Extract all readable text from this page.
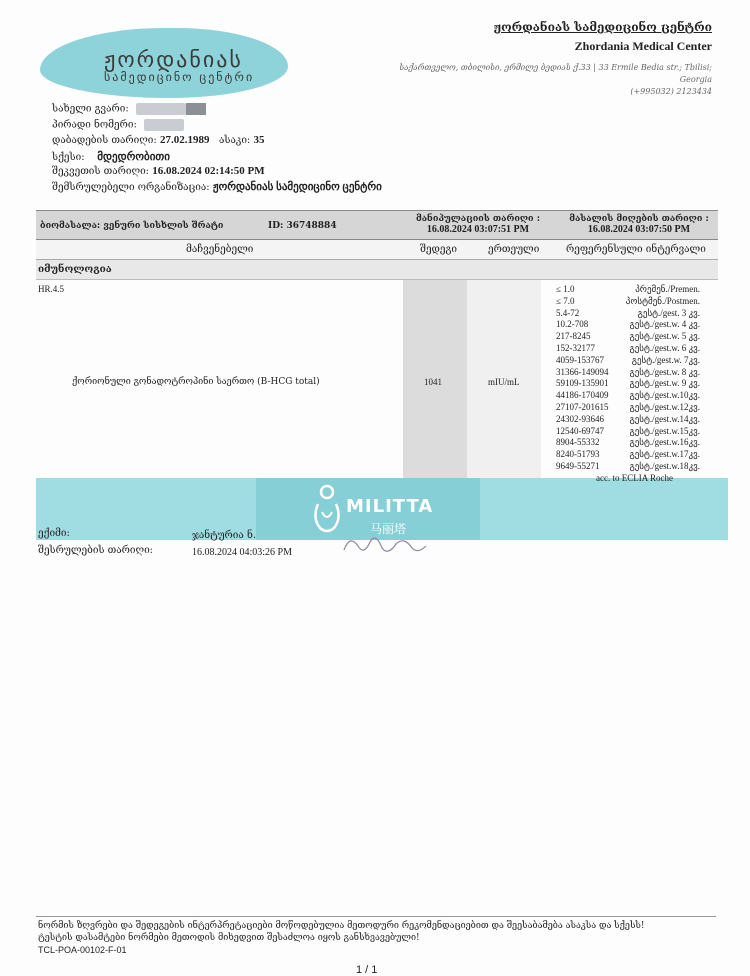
ჟორდანიას
სამედიცინო ცენტრი
ჟორდანიას სამედიცინო ცენტრი
Zhordania Medical Center
საქართველო, თბილისი, ერმილე ბედიას ქ.33 | 33 Ermile Bedia str.; Tbilisi; Georgia
(+995032) 2123434
სახელი გვარი:
პირადი ნომერი:
დაბადების თარიღი: 27.02.1989 ასაკი: 35
სქესი: მდედრობითი
შეკვეთის თარიღი: 16.08.2024 02:14:50 PM
შემსრულებელი ორგანიზაცია: ჟორდანიას სამედიცინო ცენტრი
ბიომასალა: ვენური სისხლის შრატი	ID: 36748884
მანიპულაციის თარიღი :
16.08.2024 03:07:51 PM
მასალის მიღების თარიღი :
16.08.2024 03:07:50 PM
მაჩვენებელი	შედეგი	ერთეული	რეფერენსული ინტერვალი
იმუნოლოგია
HR.4.5
ქორიონული გონადოტროპინი საერთო (B-HCG total)	1041	mIU/mL
≤ 1.0	პრემენ./Premen.
≤ 7.0	პოსტმენ./Postmen.
5.4-72	გესტ./gest. 3 კვ.
10.2-708	გესტ./gest.w. 4 კვ.
217-8245	გესტ./gest.w. 5 კვ.
152-32177	გესტ./gest.w. 6 კვ.
4059-153767	გესტ./gest.w. 7კვ.
31366-149094 გესტ./gest.w. 8 კვ.
59109-135901 გესტ./gest.w. 9 კვ.
44186-170409 გესტ./gest.w.10კვ.
27107-201615 გესტ./gest.w.12კვ.
24302-93646	გესტ./gest.w.14კვ.
12540-69747	გესტ./gest.w.15კვ.
8904-55332	გესტ./gest.w.16კვ.
8240-51793	გესტ./gest.w.17კვ.
9649-55271	გესტ./gest.w.18კვ.
acc. to ECLIA Roche
MILITTA
马丽塔
ექიმი:	ჯანტურია ნ.
შესრულების თარიღი:	16.08.2024 04:03:26 PM
ნორმის ზღვრები და შედეგების ინტერპრეტაციები მოწოდებულია მეთოდური რეკომენდაციებით და შეესაბამება ასაკსა და სქესს!
ტესტის დასამტები ნორმები მეთოდის მიხედვით შესაძლოა იყოს განსხვავებული!
TCL-POA-00102-F-01
1 / 1
